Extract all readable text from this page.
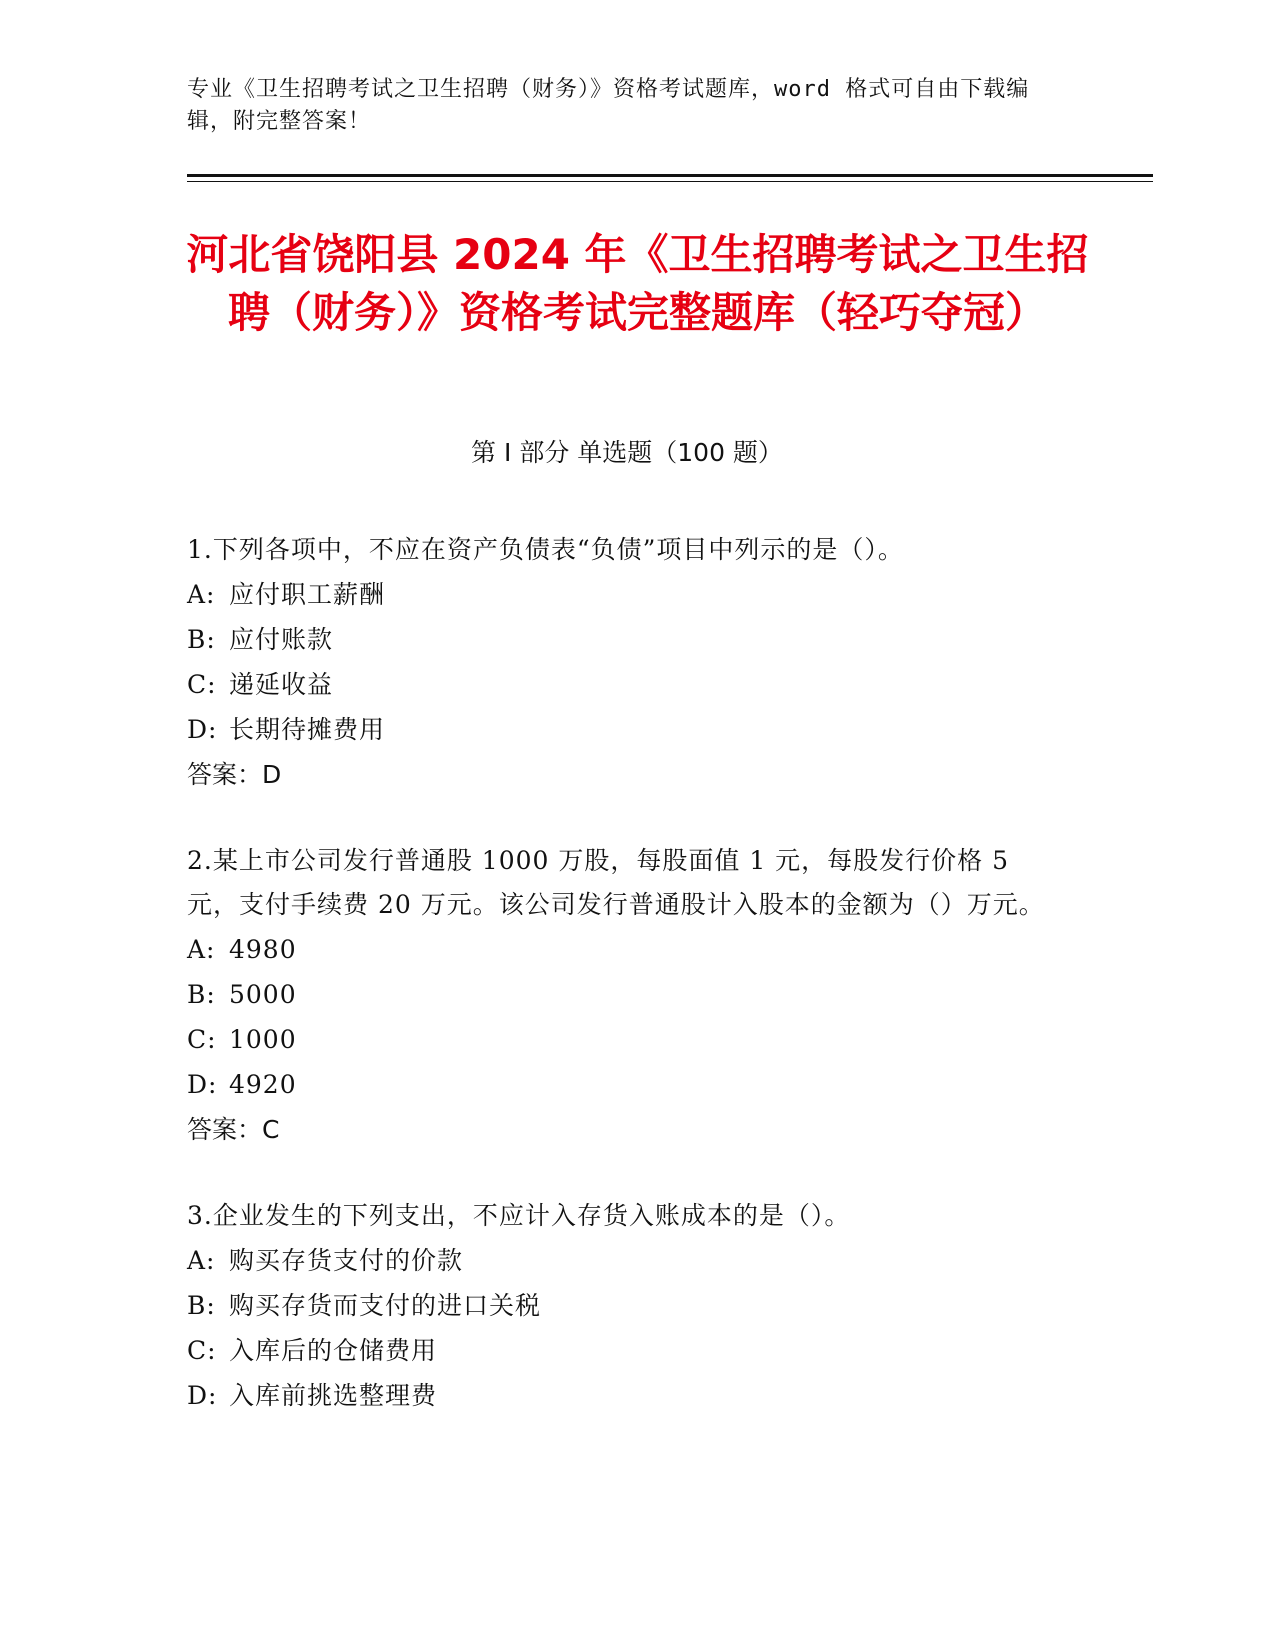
专业《卫生招聘考试之卫生招聘（财务）》资格考试题库，word 格式可自由下载编辑，附完整答案！
河北省饶阳县 2024 年《卫生招聘考试之卫生招聘（财务）》资格考试完整题库（轻巧夺冠）
第 I 部分 单选题（100 题）

1.下列各项中，不应在资产负债表“负债”项目中列示的是（）。

A: 应付职工薪酬

B: 应付账款

C: 递延收益

D: 长期待摊费用

答案：D

2.某上市公司发行普通股 1000 万股，每股面值 1 元，每股发行价格 5 元，支付手续费 20 万元。该公司发行普通股计入股本的金额为（）万元。

A: 4980

B: 5000

C: 1000

D: 4920

答案：C

3.企业发生的下列支出，不应计入存货入账成本的是（）。

A: 购买存货支付的价款

B: 购买存货而支付的进口关税

C: 入库后的仓储费用

D: 入库前挑选整理费
